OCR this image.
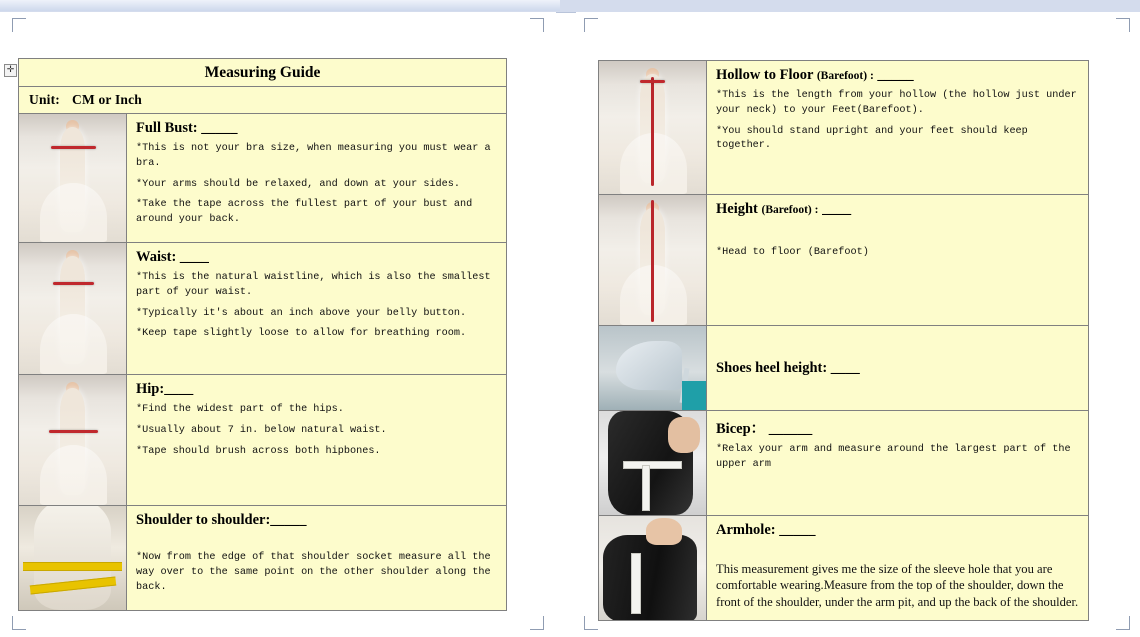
✛	Measuring Guide	
Unit: CM or Inch	

	Full Bust: _____

*This is not your bra size, when measuring you must wear a bra.

*Your arms should be relaxed, and down at your sides.

*Take the tape across the fullest part of your bust and around your back.

	Waist: ____

*This is the natural waistline, which is also the smallest part of your waist.

*Typically it's about an inch above your belly button.

*Keep tape slightly loose to allow for breathing room.

	Hip:____

*Find the widest part of the hips.

*Usually about 7 in. below natural waist.

*Tape should brush across both hipbones.

	Shoulder to shoulder:_____

*Now from the edge of that shoulder socket measure all the way over to the same point on the other shoulder along the back.

	Hollow to Floor (Barefoot) : _____

*This is the length from your hollow (the hollow just under your neck) to your Feet(Barefoot).

*You should stand upright and your feet should keep together.

	Height (Barefoot) : ____

*Head to floor (Barefoot)

	Shoes heel height: ____

	Bicep： ______

*Relax your arm and measure around the largest part of the upper arm

	Armhole: _____

This measurement gives me the size of the sleeve hole that you are comfortable wearing.Measure from the top of the shoulder, down the front of the shoulder, under the arm pit, and up the back of the shoulder.
